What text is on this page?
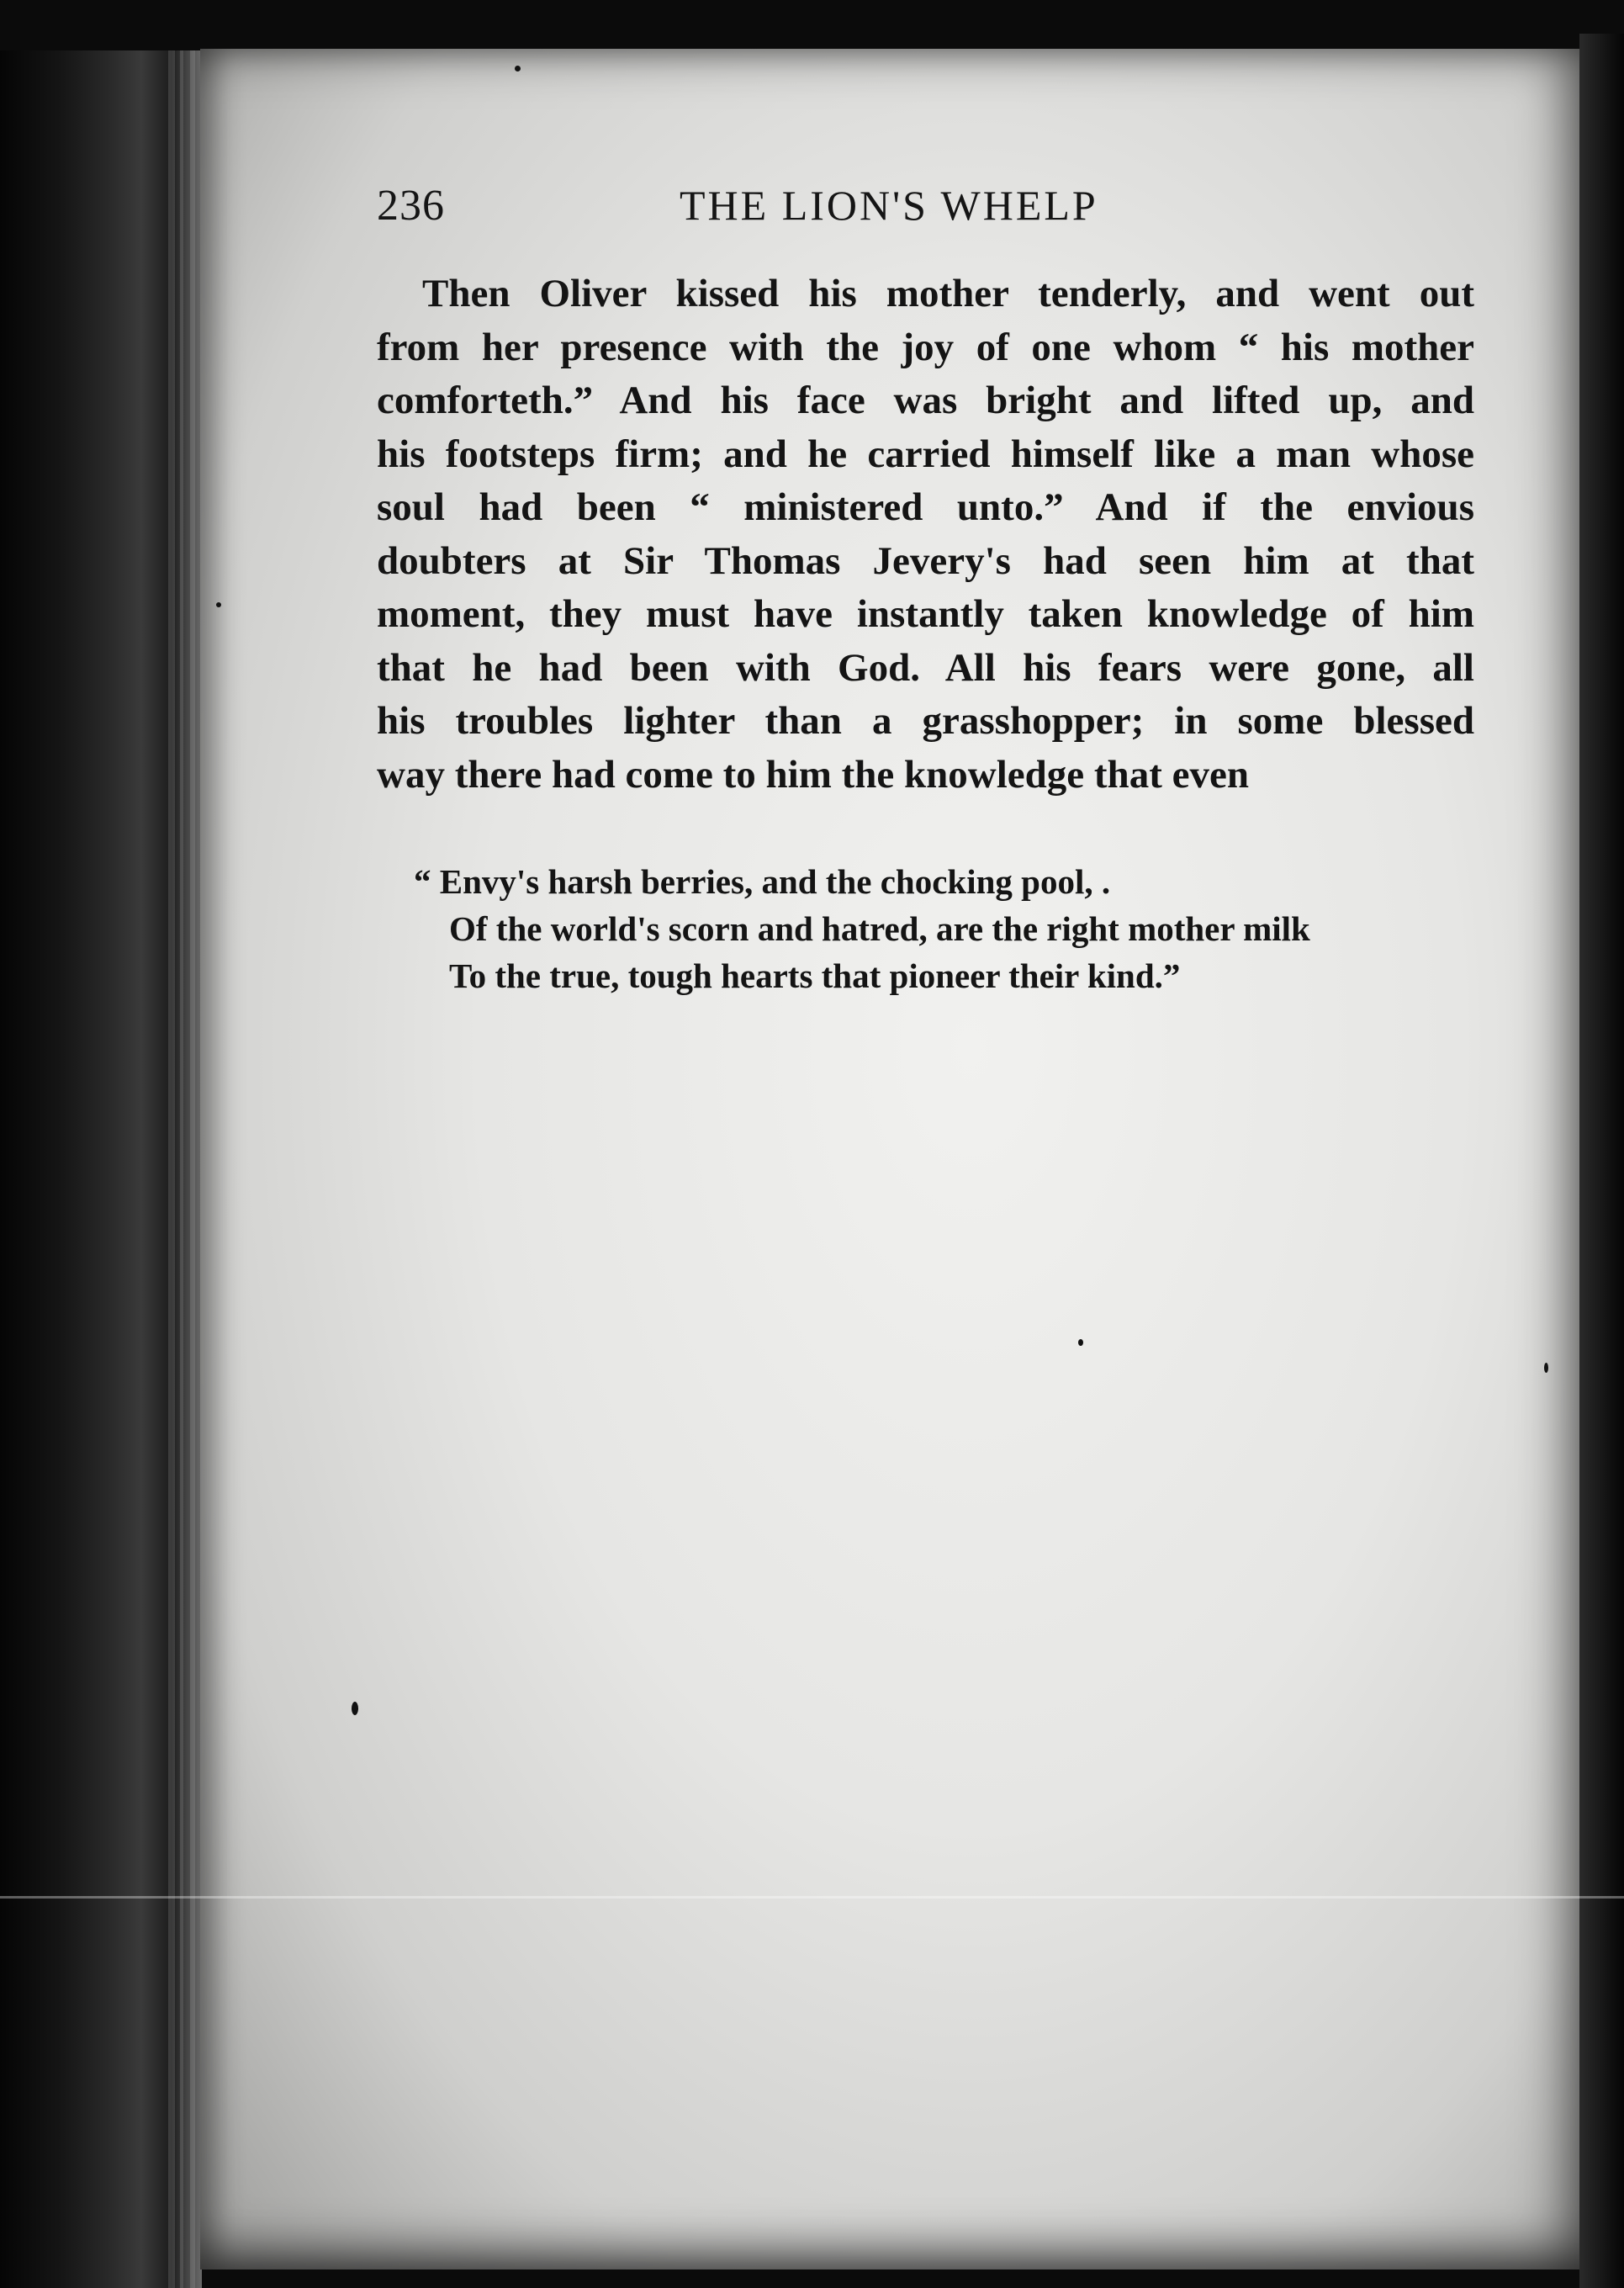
236	THE LION'S WHELP
Then Oliver kissed his mother tenderly, and went out
from her presence with the joy of one whom “ his mother
comforteth.” And his face was bright and lifted up, and
his footsteps firm; and he carried himself like a man whose
soul had been “ ministered unto.” And if the envious
doubters at Sir Thomas Jevery's had seen him at that
moment, they must have instantly taken knowledge of him
that he had been with God. All his fears were gone, all
his troubles lighter than a grasshopper; in some blessed
way there had come to him the knowledge that even
“ Envy's harsh berries, and the chocking pool, .
Of the world's scorn and hatred, are the right mother milk
To the true, tough hearts that pioneer their kind.”
